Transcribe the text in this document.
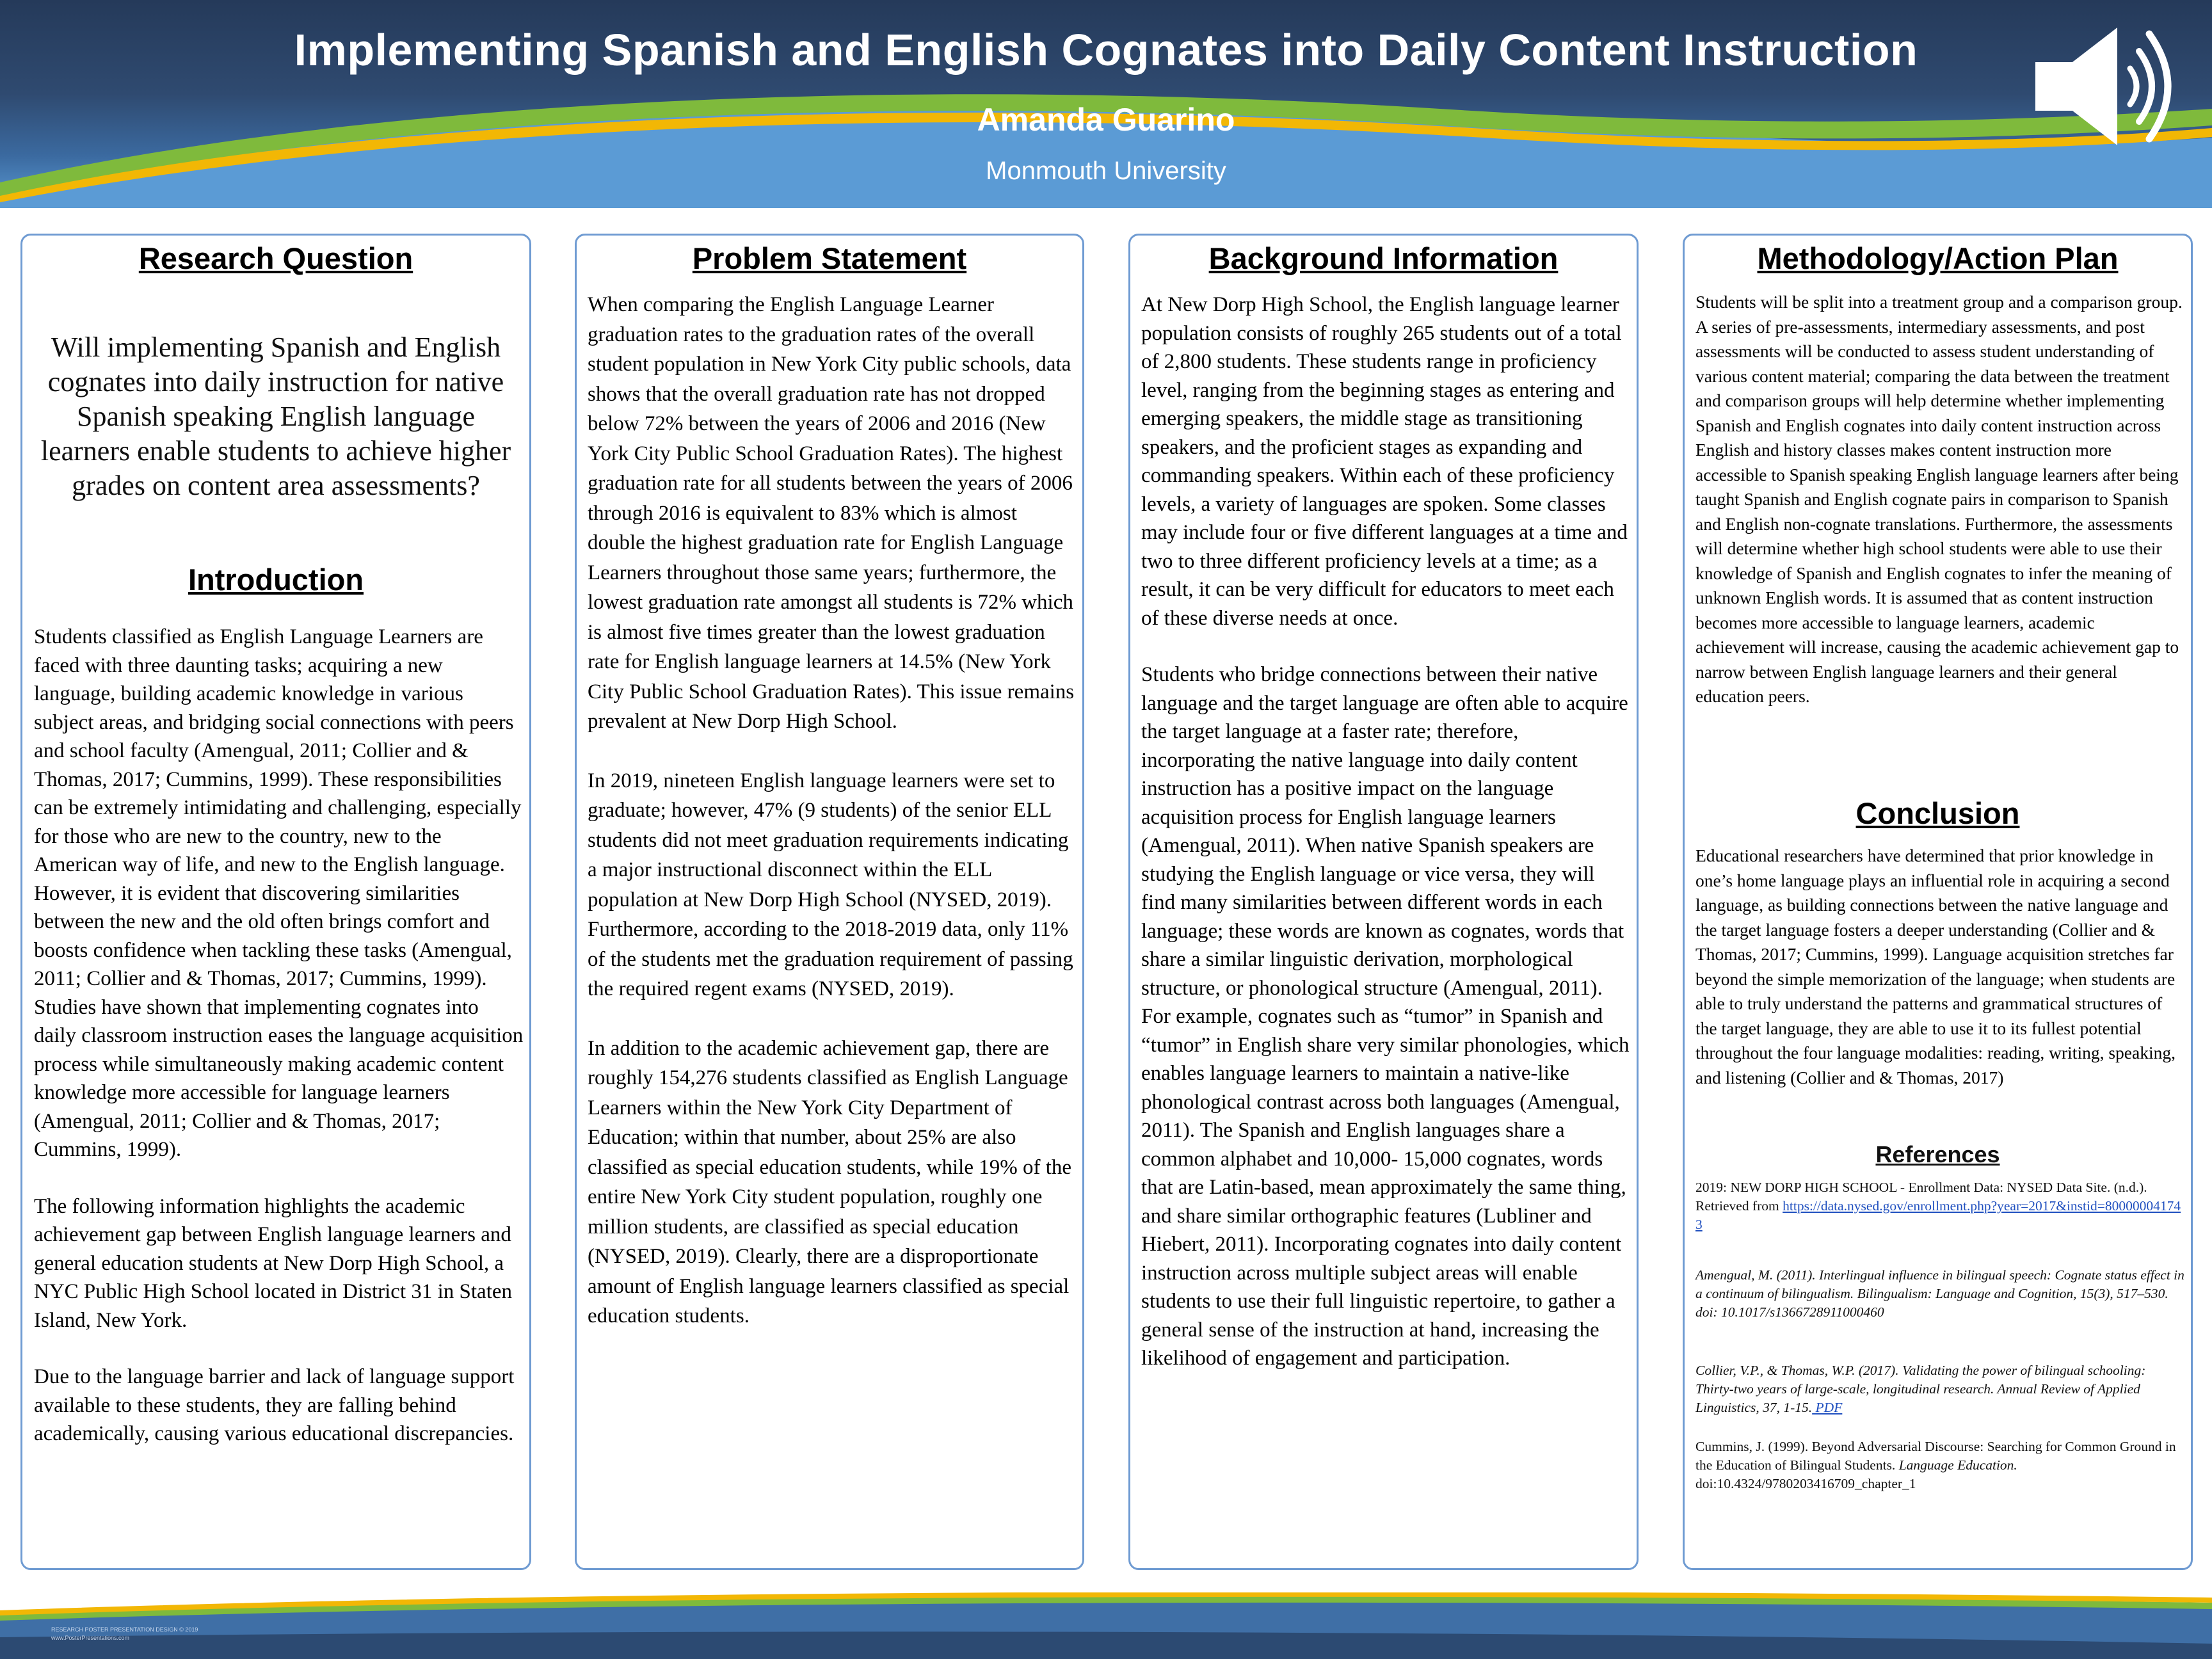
Implementing Spanish and English Cognates into Daily Content Instruction
Amanda Guarino
Monmouth University
Research Question
Will implementing Spanish and English cognates into daily instruction for native Spanish speaking English language learners enable students to achieve higher grades on content area assessments?
Introduction

Students classified as English Language Learners are faced with three daunting tasks; acquiring a new language, building academic knowledge in various subject areas, and bridging social connections with peers and school faculty (Amengual, 2011; Collier and & Thomas, 2017; Cummins, 1999). These responsibilities can be extremely intimidating and challenging, especially for those who are new to the country, new to the American way of life, and new to the English language. However, it is evident that discovering similarities between the new and the old often brings comfort and boosts confidence when tackling these tasks (Amengual, 2011; Collier and & Thomas, 2017; Cummins, 1999). Studies have shown that implementing cognates into daily classroom instruction eases the language acquisition process while simultaneously making academic content knowledge more accessible for language learners (Amengual, 2011; Collier and & Thomas, 2017; Cummins, 1999).

The following information highlights the academic achievement gap between English language learners and general education students at New Dorp High School, a NYC Public High School located in District 31 in Staten Island, New York.

Due to the language barrier and lack of language support available to these students, they are falling behind academically, causing various educational discrepancies.

Problem Statement

When comparing the English Language Learner graduation rates to the graduation rates of the overall student population in New York City public schools, data shows that the overall graduation rate has not dropped below 72% between the years of 2006 and 2016 (New York City Public School Graduation Rates). The highest graduation rate for all students between the years of 2006 through 2016 is equivalent to 83% which is almost double the highest graduation rate for English Language Learners throughout those same years; furthermore, the lowest graduation rate amongst all students is 72% which is almost five times greater than the lowest graduation rate for English language learners at 14.5% (New York City Public School Graduation Rates). This issue remains prevalent at New Dorp High School.

In 2019, nineteen English language learners were set to graduate; however, 47% (9 students) of the senior ELL students did not meet graduation requirements indicating a major instructional disconnect within the ELL population at New Dorp High School (NYSED, 2019). Furthermore, according to the 2018-2019 data, only 11% of the students met the graduation requirement of passing the required regent exams (NYSED, 2019).

In addition to the academic achievement gap, there are roughly 154,276 students classified as English Language Learners within the New York City Department of Education; within that number, about 25% are also classified as special education students, while 19% of the entire New York City student population, roughly one million students, are classified as special education (NYSED, 2019). Clearly, there are a disproportionate amount of English language learners classified as special education students.

Background Information

At New Dorp High School, the English language learner population consists of roughly 265 students out of a total of 2,800 students. These students range in proficiency level, ranging from the beginning stages as entering and emerging speakers, the middle stage as transitioning speakers, and the proficient stages as expanding and commanding speakers. Within each of these proficiency levels, a variety of languages are spoken. Some classes may include four or five different languages at a time and two to three different proficiency levels at a time; as a result, it can be very difficult for educators to meet each of these diverse needs at once.

Students who bridge connections between their native language and the target language are often able to acquire the target language at a faster rate; therefore, incorporating the native language into daily content instruction has a positive impact on the language acquisition process for English language learners (Amengual, 2011). When native Spanish speakers are studying the English language or vice versa, they will find many similarities between different words in each language; these words are known as cognates, words that share a similar linguistic derivation, morphological structure, or phonological structure (Amengual, 2011). For example, cognates such as “tumor” in Spanish and “tumor” in English share very similar phonologies, which enables language learners to maintain a native-like phonological contrast across both languages (Amengual, 2011). The Spanish and English languages share a common alphabet and 10,000- 15,000 cognates, words that are Latin-based, mean approximately the same thing, and share similar orthographic features (Lubliner and Hiebert, 2011). Incorporating cognates into daily content instruction across multiple subject areas will enable students to use their full linguistic repertoire, to gather a general sense of the instruction at hand, increasing the likelihood of engagement and participation.

Methodology/Action Plan

Students will be split into a treatment group and a comparison group. A series of pre-assessments, intermediary assessments, and post assessments will be conducted to assess student understanding of various content material; comparing the data between the treatment and comparison groups will help determine whether implementing Spanish and English cognates into daily content instruction across English and history classes makes content instruction more accessible to Spanish speaking English language learners after being taught Spanish and English cognate pairs in comparison to Spanish and English non-cognate translations. Furthermore, the assessments will determine whether high school students were able to use their knowledge of Spanish and English cognates to infer the meaning of unknown English words. It is assumed that as content instruction becomes more accessible to language learners, academic achievement will increase, causing the academic achievement gap to narrow between English language learners and their general education peers.

Conclusion

Educational researchers have determined that prior knowledge in one’s home language plays an influential role in acquiring a second language, as building connections between the native language and the target language fosters a deeper understanding (Collier and & Thomas, 2017; Cummins, 1999). Language acquisition stretches far beyond the simple memorization of the language; when students are able to truly understand the patterns and grammatical structures of the target language, they are able to use it to its fullest potential throughout the four language modalities: reading, writing, speaking, and listening (Collier and & Thomas, 2017)

References

2019: NEW DORP HIGH SCHOOL - Enrollment Data: NYSED Data Site. (n.d.). Retrieved from https://data.nysed.gov/enrollment.php?year=2017&instid=800000041743

Amengual, M. (2011). Interlingual influence in bilingual speech: Cognate status effect in a continuum of bilingualism. Bilingualism: Language and Cognition, 15(3), 517–530. doi: 10.1017/s1366728911000460

Collier, V.P., & Thomas, W.P. (2017). Validating the power of bilingual schooling: Thirty-two years of large-scale, longitudinal research. Annual Review of Applied Linguistics, 37, 1-15. PDF

Cummins, J. (1999). Beyond Adversarial Discourse: Searching for Common Ground in the Education of Bilingual Students. Language Education. doi:10.4324/9780203416709_chapter_1

RESEARCH POSTER PRESENTATION DESIGN © 2019
www.PosterPresentations.com
